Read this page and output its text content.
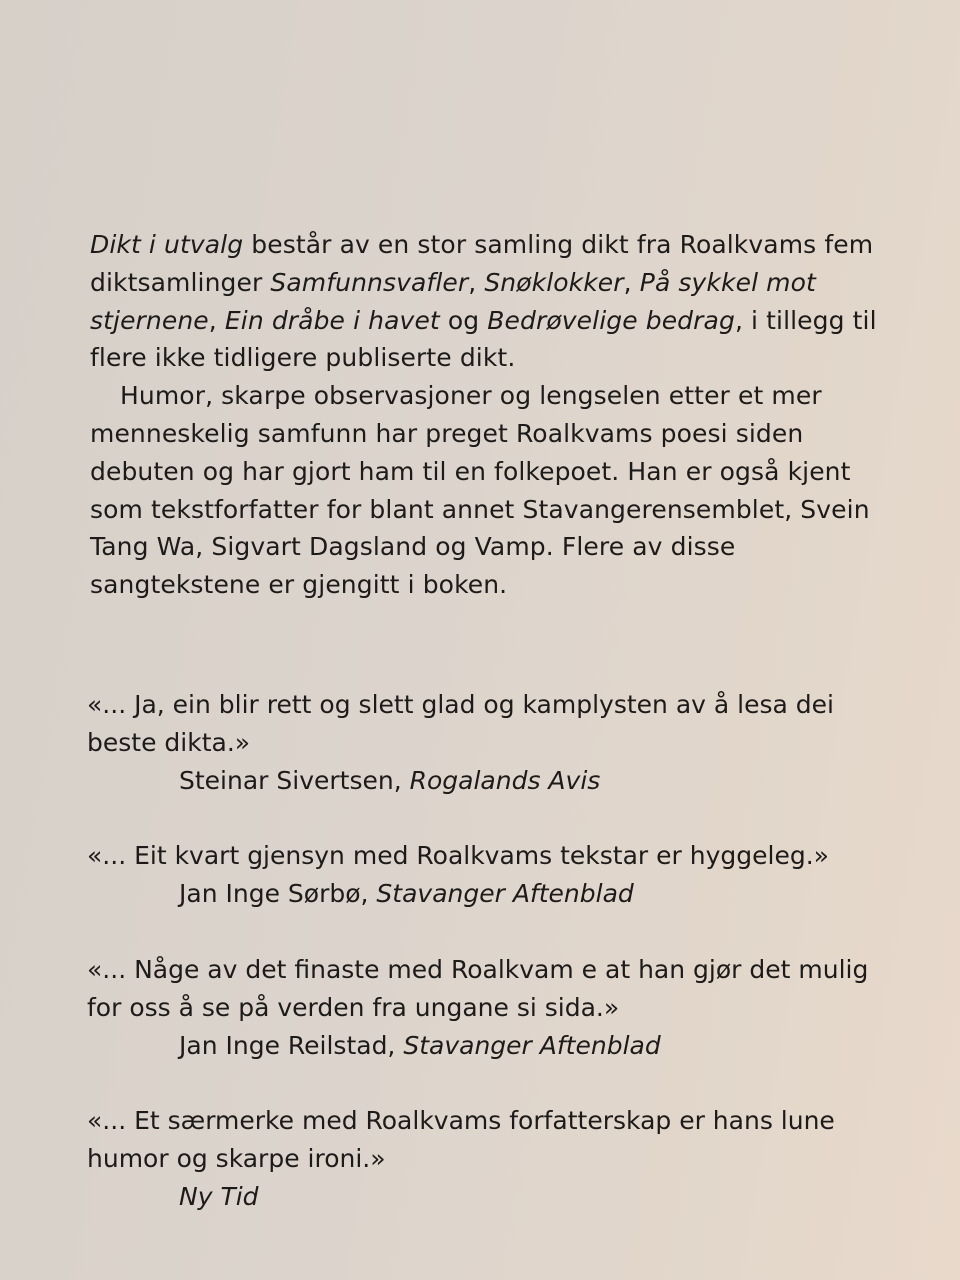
Dikt i utvalg består av en stor samling dikt fra Roalkvams fem diktsamlinger Samfunnsvafler, Snøklokker, På sykkel mot stjernene, Ein dråbe i havet og Bedrøvelige bedrag, i tillegg til flere ikke tidligere publiserte dikt.

Humor, skarpe observasjoner og lengselen etter et mer menneskelig samfunn har preget Roalkvams poesi siden debuten og har gjort ham til en folkepoet. Han er også kjent som tekstforfatter for blant annet Stavangerensemblet, Svein Tang Wa, Sigvart Dagsland og Vamp. Flere av disse sangtekstene er gjengitt i boken.

«... Ja, ein blir rett og slett glad og kamplysten av å lesa dei beste dikta.»

Steinar Sivertsen, Rogalands Avis

«... Eit kvart gjensyn med Roalkvams tekstar er hyggeleg.»

Jan Inge Sørbø, Stavanger Aftenblad

«... Någe av det finaste med Roalkvam e at han gjør det mulig for oss å se på verden fra ungane si sida.»

Jan Inge Reilstad, Stavanger Aftenblad

«... Et særmerke med Roalkvams forfatterskap er hans lune humor og skarpe ironi.»

Ny Tid
